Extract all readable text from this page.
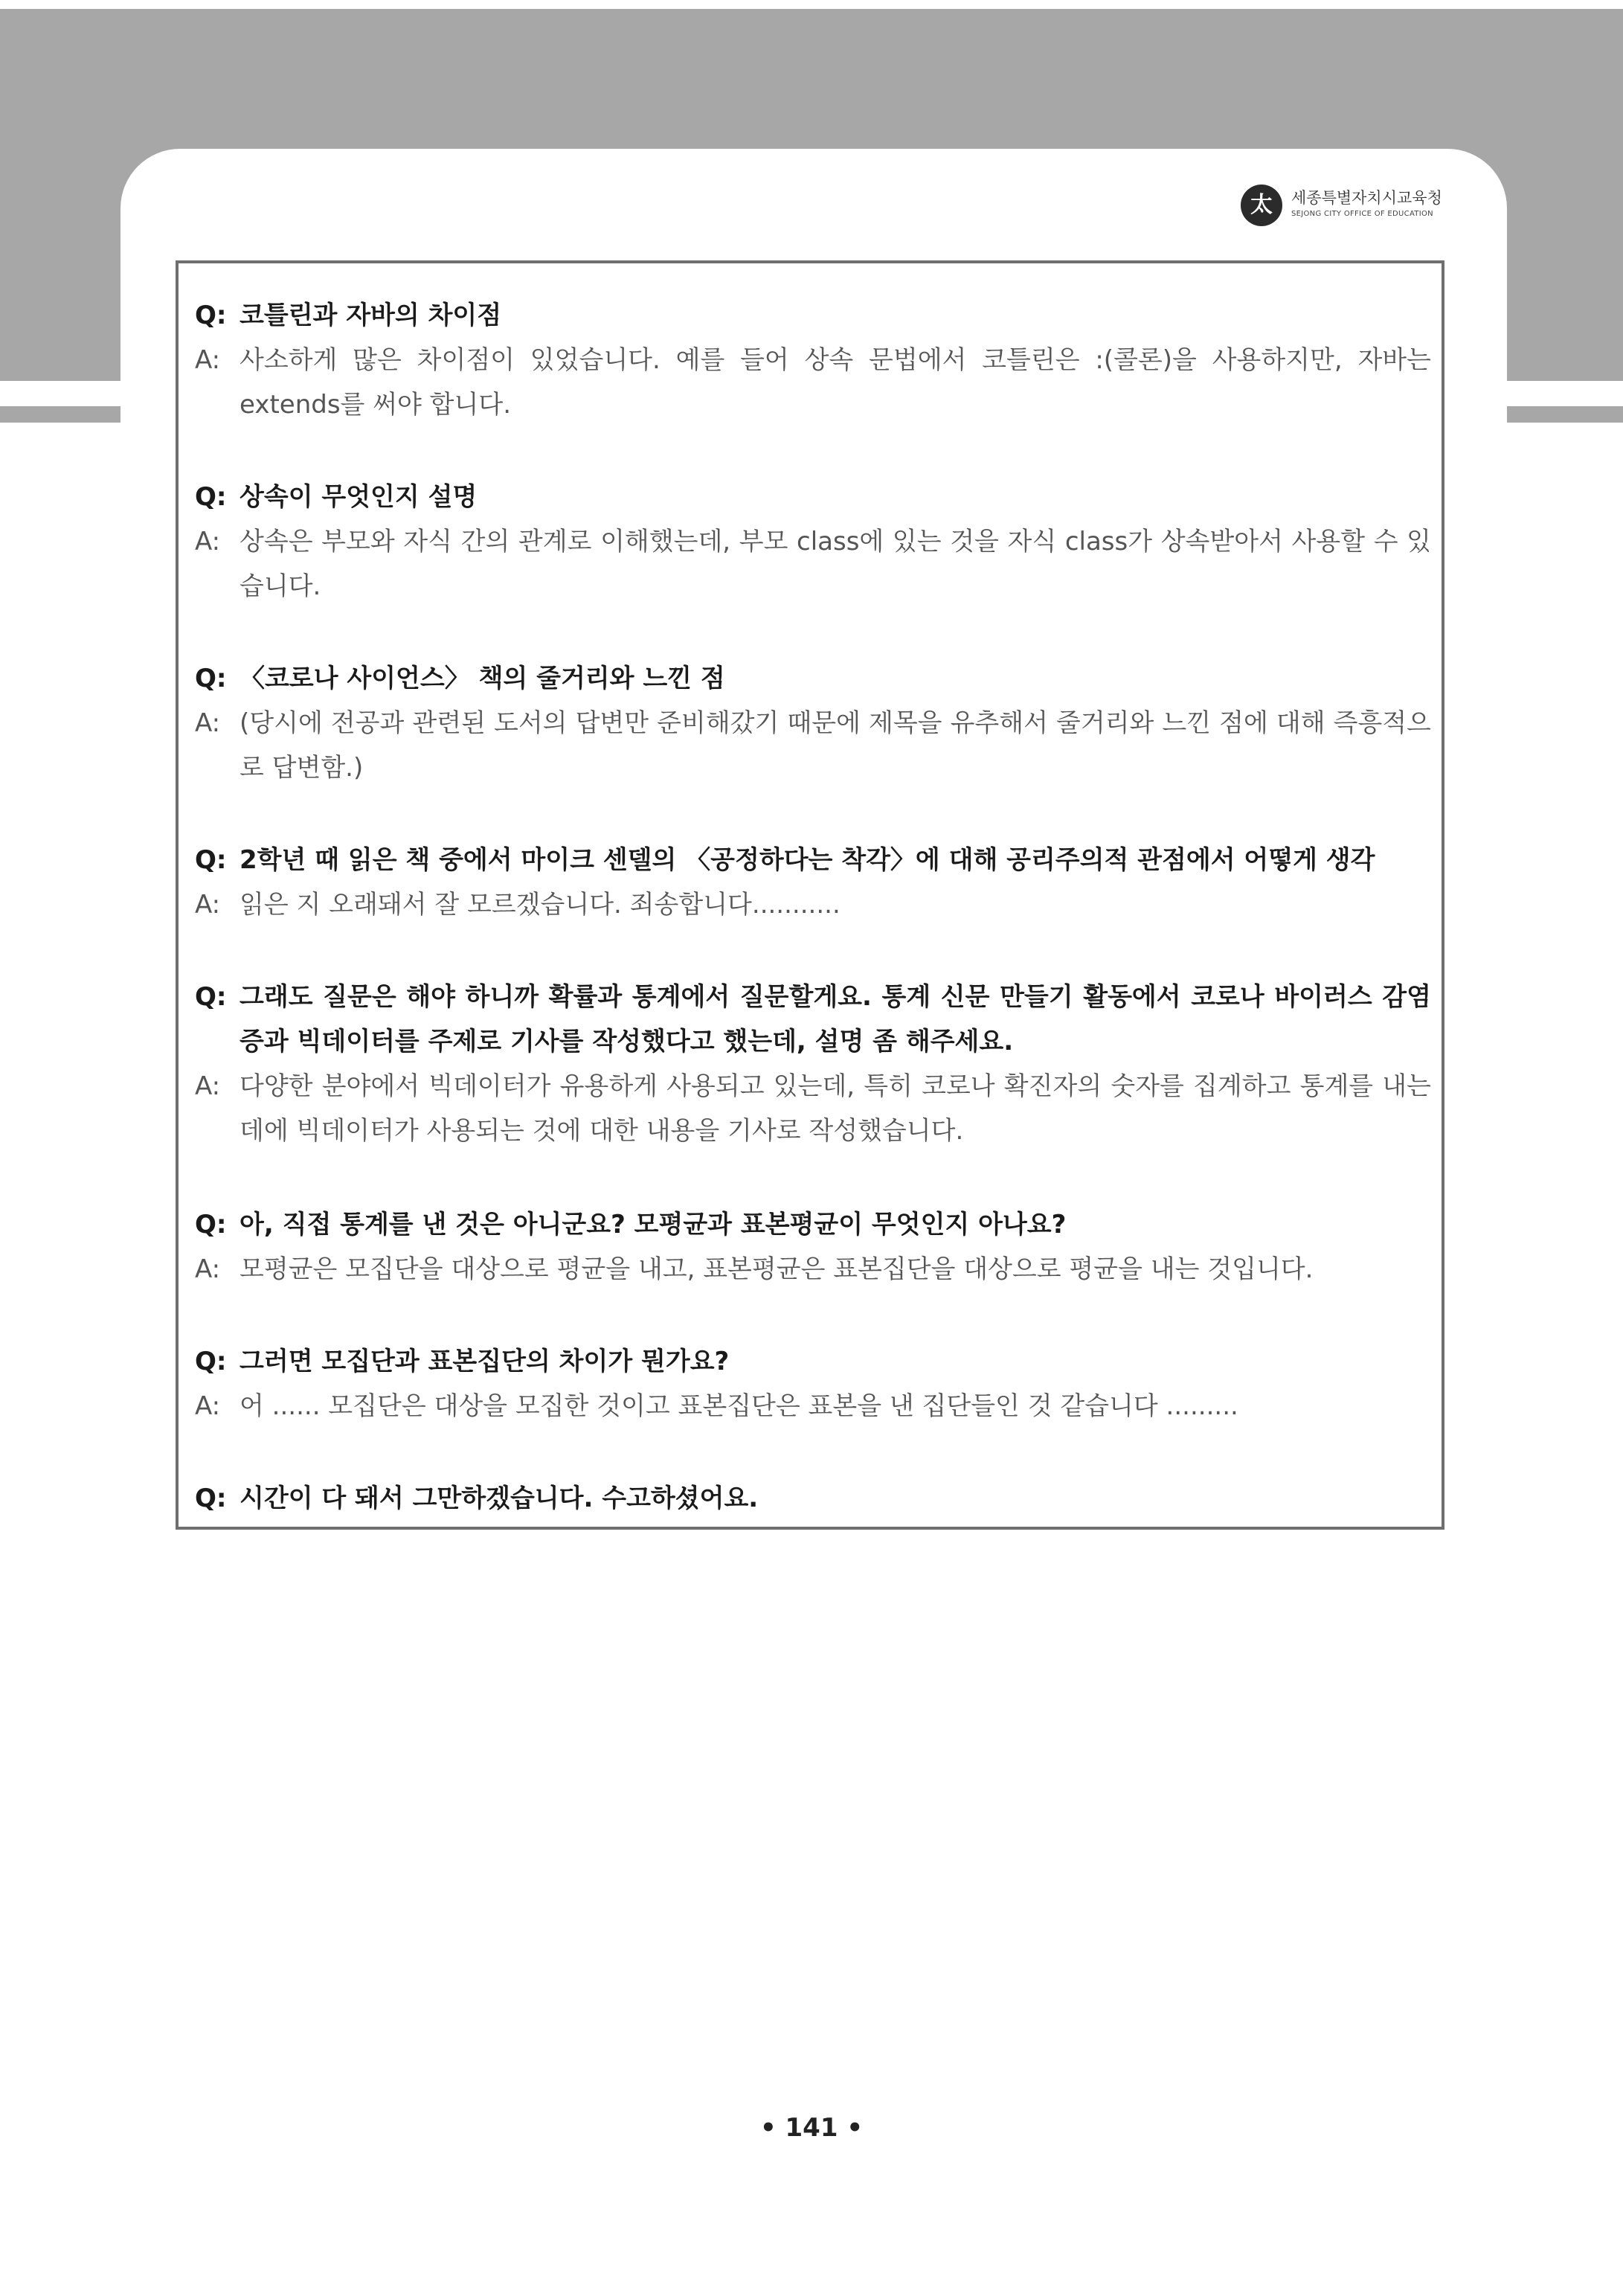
太	세종특별자치시교육청
SEJONG CITY OFFICE OF EDUCATION
Q: 코틀린과 자바의 차이점
A: 사소하게 많은 차이점이 있었습니다. 예를 들어 상속 문법에서 코틀린은 :(콜론)을 사용하지만, 자바는 extends를 써야 합니다.
Q: 상속이 무엇인지 설명
A: 상속은 부모와 자식 간의 관계로 이해했는데, 부모 class에 있는 것을 자식 class가 상속받아서 사용할 수 있습니다.
Q: 〈코로나 사이언스〉 책의 줄거리와 느낀 점
A: (당시에 전공과 관련된 도서의 답변만 준비해갔기 때문에 제목을 유추해서 줄거리와 느낀 점에 대해 즉흥적으로 답변함.)
Q: 2학년 때 읽은 책 중에서 마이크 센델의 〈공정하다는 착각〉에 대해 공리주의적 관점에서 어떻게 생각
A: 읽은 지 오래돼서 잘 모르겠습니다. 죄송합니다...........
Q: 그래도 질문은 해야 하니까 확률과 통계에서 질문할게요. 통계 신문 만들기 활동에서 코로나 바이러스 감염증과 빅데이터를 주제로 기사를 작성했다고 했는데, 설명 좀 해주세요.
A: 다양한 분야에서 빅데이터가 유용하게 사용되고 있는데, 특히 코로나 확진자의 숫자를 집계하고 통계를 내는 데에 빅데이터가 사용되는 것에 대한 내용을 기사로 작성했습니다.
Q: 아, 직접 통계를 낸 것은 아니군요? 모평균과 표본평균이 무엇인지 아나요?
A: 모평균은 모집단을 대상으로 평균을 내고, 표본평균은 표본집단을 대상으로 평균을 내는 것입니다.
Q: 그러면 모집단과 표본집단의 차이가 뭔가요?
A: 어 ...... 모집단은 대상을 모집한 것이고 표본집단은 표본을 낸 집단들인 것 같습니다 .........
Q: 시간이 다 돼서 그만하겠습니다. 수고하셨어요.
• 141 •
